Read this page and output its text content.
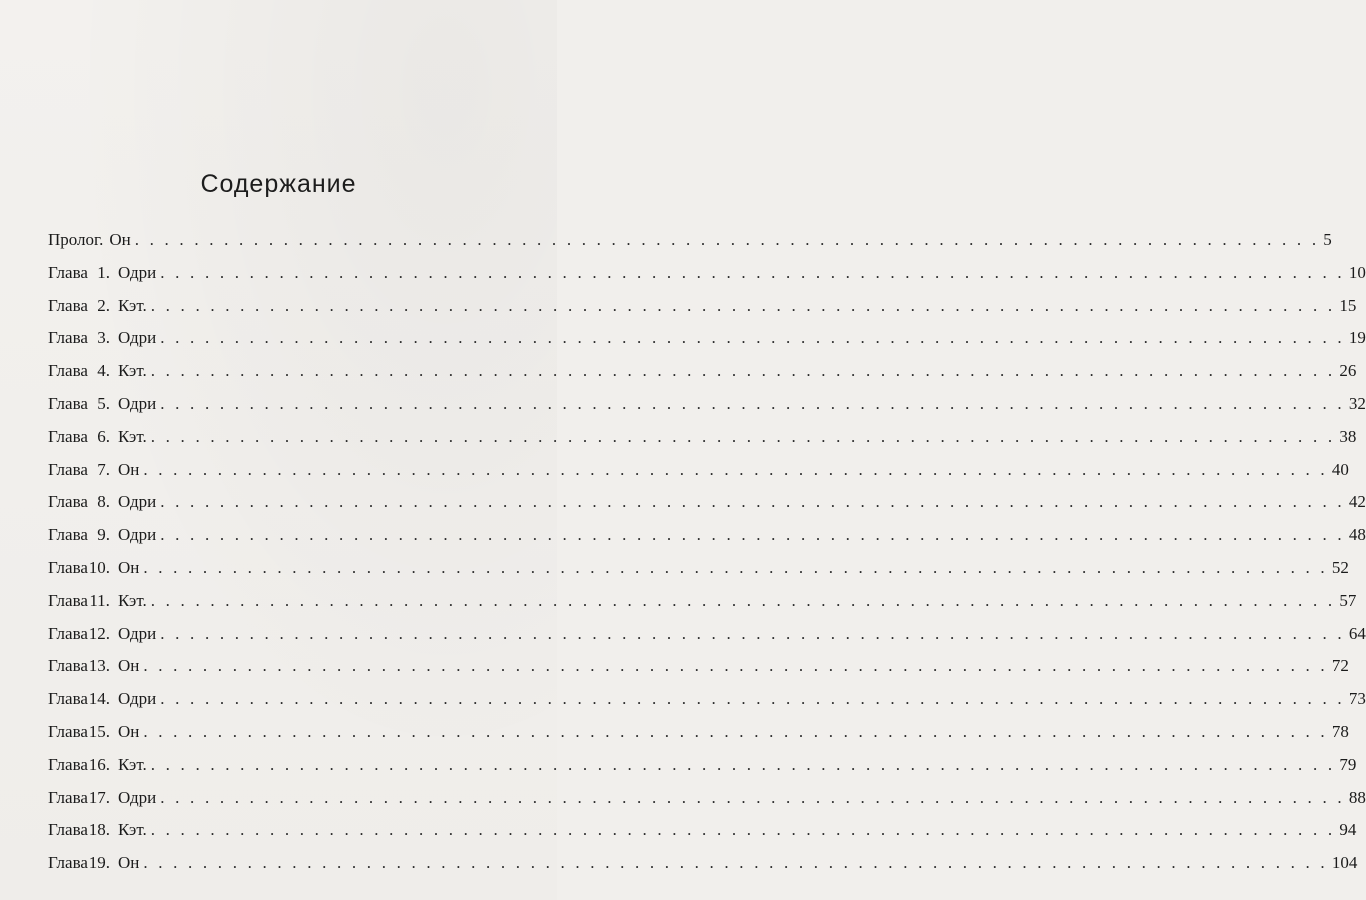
Содержание
Пролог. Он . . . . . . . . . . . . . . . . . . . . . . . . . . . . . . . . . . . . . . . . . . . . . . . . . . . . . . . . . . . . . . . . . . . . . . . . . . . . . . . . 5
Глава 1. Одри . . . . . . . . . . . . . . . . . . . . . . . . . . . . . . . . . . . . . . . . . . . . . . . . . . . . . . . . . . . . . . . . . . . . . . . . . . . . . . . . 10
Глава 2. Кэт. . . . . . . . . . . . . . . . . . . . . . . . . . . . . . . . . . . . . . . . . . . . . . . . . . . . . . . . . . . . . . . . . . . . . . . . . . . . . . . . . 15
Глава 3. Одри . . . . . . . . . . . . . . . . . . . . . . . . . . . . . . . . . . . . . . . . . . . . . . . . . . . . . . . . . . . . . . . . . . . . . . . . . . . . . . . . 19
Глава 4. Кэт. . . . . . . . . . . . . . . . . . . . . . . . . . . . . . . . . . . . . . . . . . . . . . . . . . . . . . . . . . . . . . . . . . . . . . . . . . . . . . . . . 26
Глава 5. Одри . . . . . . . . . . . . . . . . . . . . . . . . . . . . . . . . . . . . . . . . . . . . . . . . . . . . . . . . . . . . . . . . . . . . . . . . . . . . . . . . 32
Глава 6. Кэт. . . . . . . . . . . . . . . . . . . . . . . . . . . . . . . . . . . . . . . . . . . . . . . . . . . . . . . . . . . . . . . . . . . . . . . . . . . . . . . . . 38
Глава 7. Он . . . . . . . . . . . . . . . . . . . . . . . . . . . . . . . . . . . . . . . . . . . . . . . . . . . . . . . . . . . . . . . . . . . . . . . . . . . . . . . . 40
Глава 8. Одри . . . . . . . . . . . . . . . . . . . . . . . . . . . . . . . . . . . . . . . . . . . . . . . . . . . . . . . . . . . . . . . . . . . . . . . . . . . . . . . . 42
Глава 9. Одри . . . . . . . . . . . . . . . . . . . . . . . . . . . . . . . . . . . . . . . . . . . . . . . . . . . . . . . . . . . . . . . . . . . . . . . . . . . . . . . . 48
Глава10. Он . . . . . . . . . . . . . . . . . . . . . . . . . . . . . . . . . . . . . . . . . . . . . . . . . . . . . . . . . . . . . . . . . . . . . . . . . . . . . . . . 52
Глава11. Кэт. . . . . . . . . . . . . . . . . . . . . . . . . . . . . . . . . . . . . . . . . . . . . . . . . . . . . . . . . . . . . . . . . . . . . . . . . . . . . . . . . 57
Глава12. Одри . . . . . . . . . . . . . . . . . . . . . . . . . . . . . . . . . . . . . . . . . . . . . . . . . . . . . . . . . . . . . . . . . . . . . . . . . . . . . . . . 64
Глава13. Он . . . . . . . . . . . . . . . . . . . . . . . . . . . . . . . . . . . . . . . . . . . . . . . . . . . . . . . . . . . . . . . . . . . . . . . . . . . . . . . . 72
Глава14. Одри . . . . . . . . . . . . . . . . . . . . . . . . . . . . . . . . . . . . . . . . . . . . . . . . . . . . . . . . . . . . . . . . . . . . . . . . . . . . . . . . 73
Глава15. Он . . . . . . . . . . . . . . . . . . . . . . . . . . . . . . . . . . . . . . . . . . . . . . . . . . . . . . . . . . . . . . . . . . . . . . . . . . . . . . . . 78
Глава16. Кэт. . . . . . . . . . . . . . . . . . . . . . . . . . . . . . . . . . . . . . . . . . . . . . . . . . . . . . . . . . . . . . . . . . . . . . . . . . . . . . . . . 79
Глава17. Одри . . . . . . . . . . . . . . . . . . . . . . . . . . . . . . . . . . . . . . . . . . . . . . . . . . . . . . . . . . . . . . . . . . . . . . . . . . . . . . . . 88
Глава18. Кэт. . . . . . . . . . . . . . . . . . . . . . . . . . . . . . . . . . . . . . . . . . . . . . . . . . . . . . . . . . . . . . . . . . . . . . . . . . . . . . . . . 94
Глава19. Он . . . . . . . . . . . . . . . . . . . . . . . . . . . . . . . . . . . . . . . . . . . . . . . . . . . . . . . . . . . . . . . . . . . . . . . . . . . . . . . . 104
